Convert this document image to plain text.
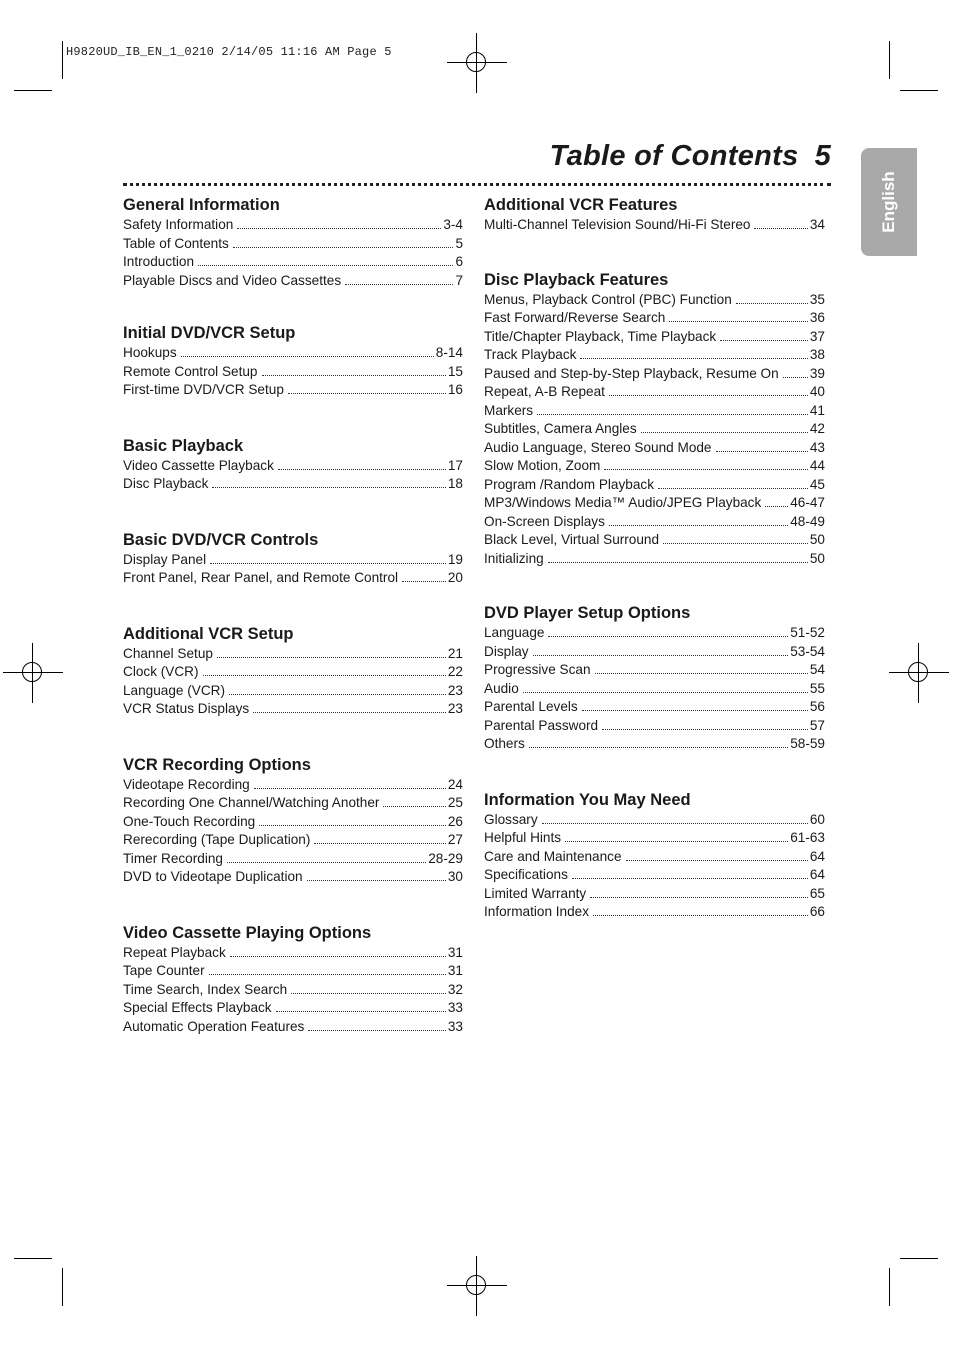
H9820UD_IB_EN_1_0210 2/14/05 11:16 AM Page 5
Table of Contents 5
English
General Information
Safety Information	3-4
Table of Contents	5
Introduction	6
Playable Discs and Video Cassettes	7
Initial DVD/VCR Setup
Hookups	8-14
Remote Control Setup	15
First-time DVD/VCR Setup	16
Basic Playback
Video Cassette Playback	17
Disc Playback	18
Basic DVD/VCR Controls
Display Panel	19
Front Panel, Rear Panel, and Remote Control	20
Additional VCR Setup
Channel Setup	21
Clock (VCR)	22
Language (VCR)	23
VCR Status Displays	23
VCR Recording Options
Videotape Recording	24
Recording One Channel/Watching Another	25
One-Touch Recording	26
Rerecording (Tape Duplication)	27
Timer Recording	28-29
DVD to Videotape Duplication	30
Video Cassette Playing Options
Repeat Playback	31
Tape Counter	31
Time Search, Index Search	32
Special Effects Playback	33
Automatic Operation Features	33
Additional VCR Features
Multi-Channel Television Sound/Hi-Fi Stereo	34
Disc Playback Features
Menus, Playback Control (PBC) Function	35
Fast Forward/Reverse Search	36
Title/Chapter Playback, Time Playback	37
Track Playback	38
Paused and Step-by-Step Playback, Resume On 39
Repeat, A-B Repeat	40
Markers	41
Subtitles, Camera Angles	42
Audio Language, Stereo Sound Mode	43
Slow Motion, Zoom	44
Program /Random Playback	45
MP3/Windows Media™ Audio/JPEG Playback 46-47
On-Screen Displays	48-49
Black Level, Virtual Surround	50
Initializing	50
DVD Player Setup Options
Language	51-52
Display	53-54
Progressive Scan	54
Audio	55
Parental Levels	56
Parental Password	57
Others	58-59
Information You May Need
Glossary	60
Helpful Hints	61-63
Care and Maintenance	64
Specifications	64
Limited Warranty	65
Information Index	66
